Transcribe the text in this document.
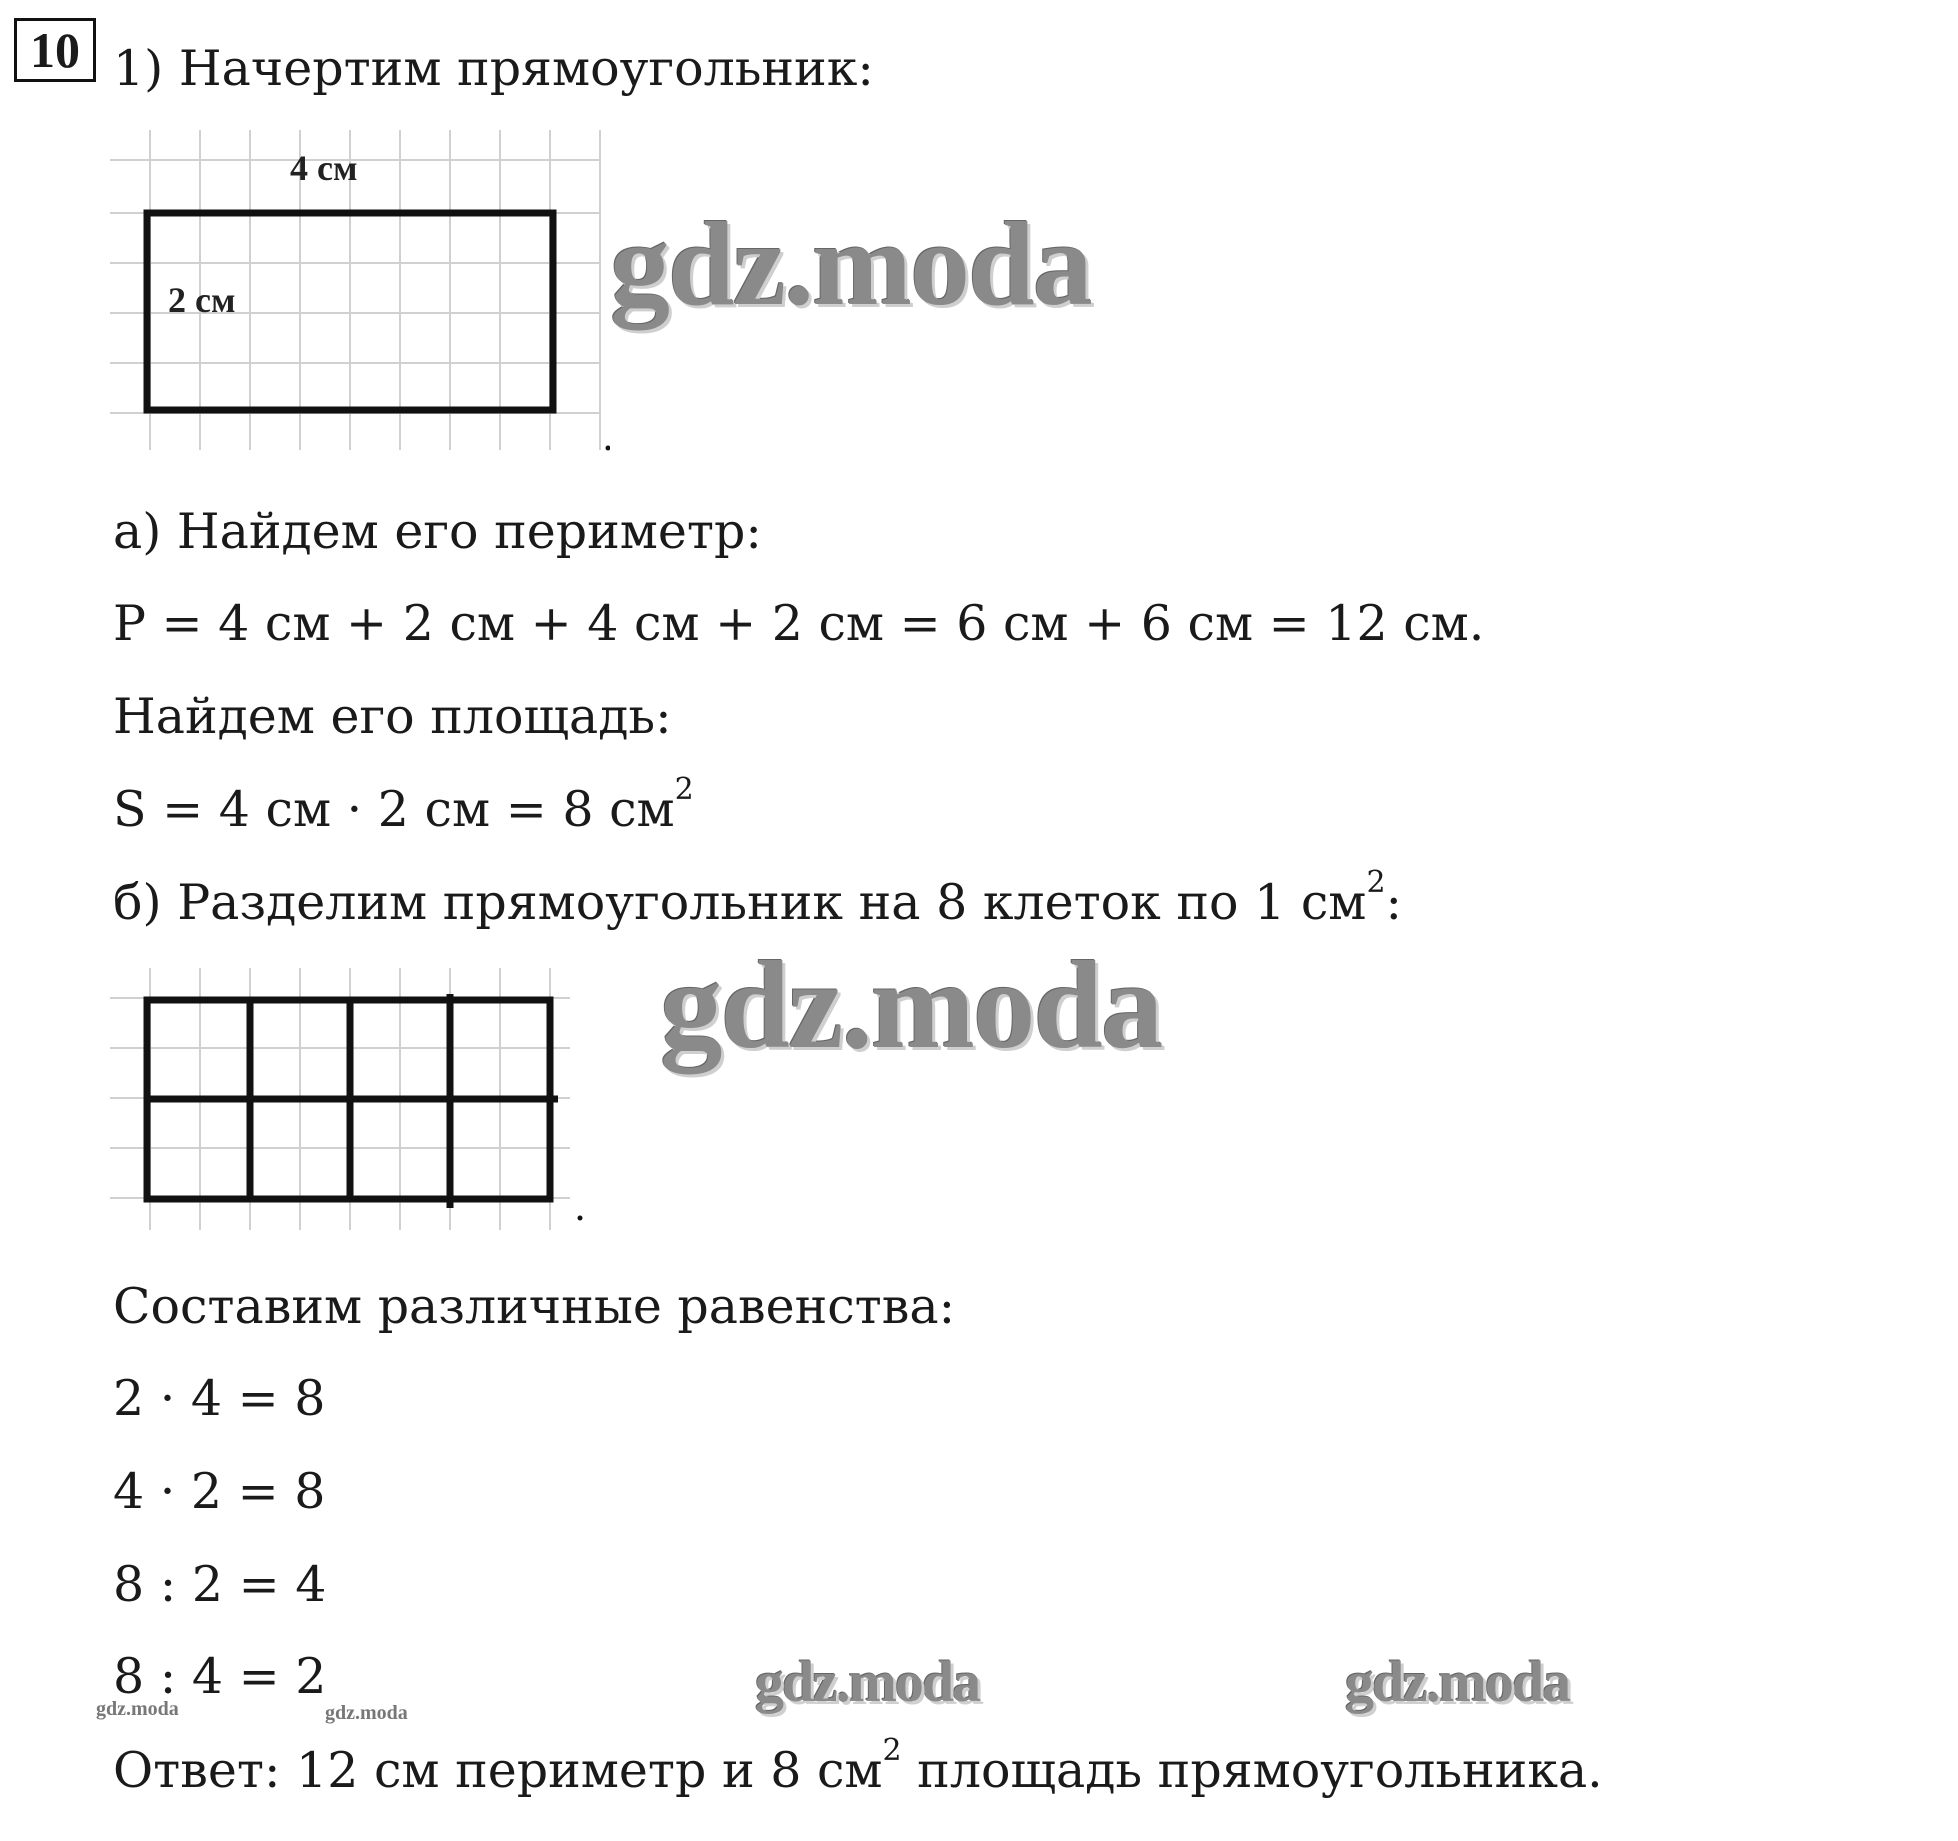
10 1) Начертим прямоугольник:
4 см
2 см	gdz.moda
а) Найдем его периметр:
P = 4 см + 2 см + 4 см + 2 см = 6 см + 6 см = 12 см.
Найдем его площадь:
S = 4 см · 2 см = 8 $см^2$
б) Разделим прямоугольник на 8 клеток по 1 $см^2$:
gdz.moda
Составим различные равенства:
2 · 4 = 8
4 · 2 = 8
8 : 2 = 4
8 : 4 = 2
gdz.moda	gdz.moda	gdz.moda	gdz.moda
Ответ: 12 см периметр и 8 $см^2$ площадь прямоугольника.
